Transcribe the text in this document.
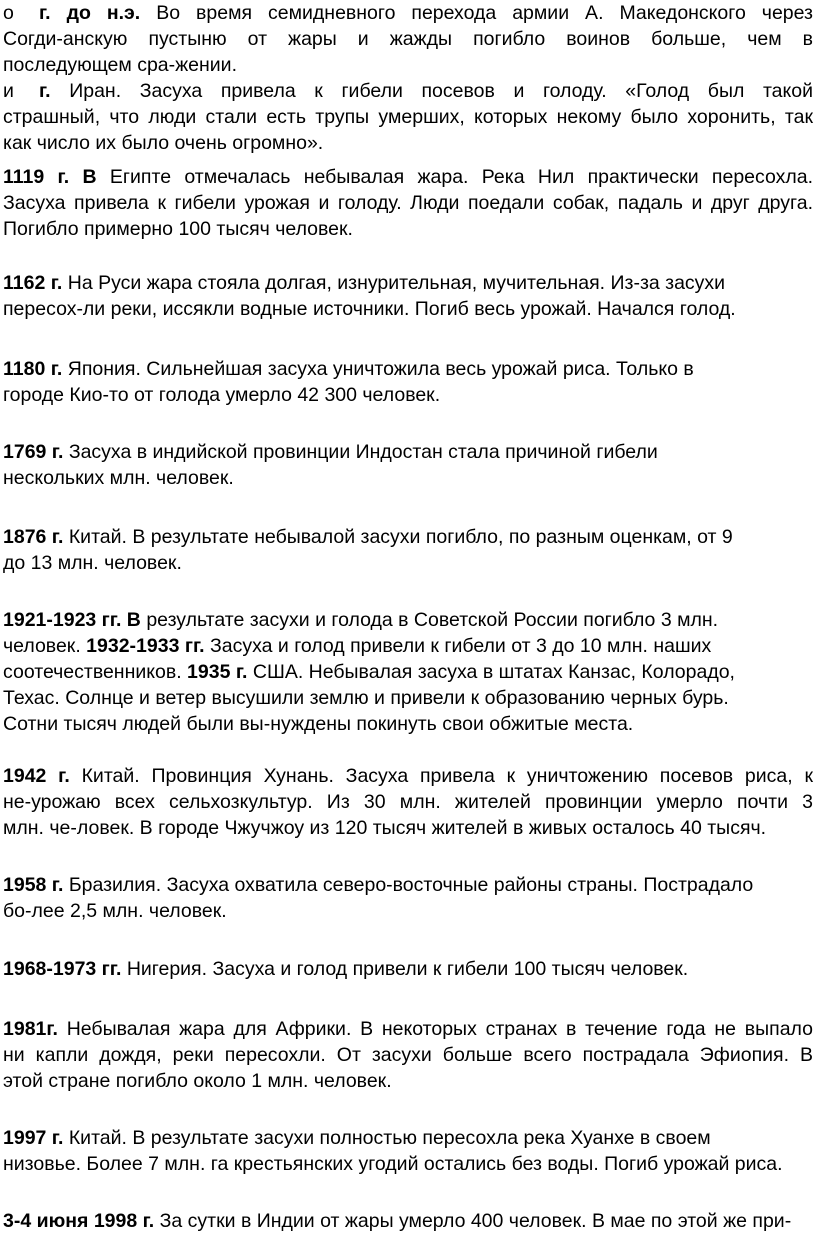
o г. до н.э. Во время семидневного перехода армии А. Македонского через
Согди-анскую пустыню от жары и жажды погибло воинов больше, чем в
последующем сра-жении.
и г. Иран. Засуха привела к гибели посевов и голоду. «Голод был такой
страшный, что люди стали есть трупы умерших, которых некому было хоронить, так
как число их было очень огромно».
1119 г. В Египте отмечалась небывалая жара. Река Нил практически пересохла.
Засуха привела к гибели урожая и голоду. Люди поедали собак, падаль и друг друга.
Погибло примерно 100 тысяч человек.
1162 г. На Руси жара стояла долгая, изнурительная, мучительная. Из-за засухи
пересох-ли реки, иссякли водные источники. Погиб весь урожай. Начался голод.
1180 г. Япония. Сильнейшая засуха уничтожила весь урожай риса. Только в
городе Кио-то от голода умерло 42 300 человек.
1769 г. Засуха в индийской провинции Индостан стала причиной гибели
нескольких млн. человек.
1876 г. Китай. В результате небывалой засухи погибло, по разным оценкам, от 9
до 13 млн. человек.
1921-1923 гг. В результате засухи и голода в Советской России погибло 3 млн.
человек. 1932-1933 гг. Засуха и голод привели к гибели от 3 до 10 млн. наших
соотечественников. 1935 г. США. Небывалая засуха в штатах Канзас, Колорадо,
Техас. Солнце и ветер высушили землю и привели к образованию черных бурь.
Сотни тысяч людей были вы-нуждены покинуть свои обжитые места.
1942 г. Китай. Провинция Хунань. Засуха привела к уничтожению посевов риса, к
не-урожаю всех сельхозкультур. Из 30 млн. жителей провинции умерло почти 3
млн. че-ловек. В городе Чжучжоу из 120 тысяч жителей в живых осталось 40 тысяч.
1958 г. Бразилия. Засуха охватила северо-восточные районы страны. Пострадало
бо-лее 2,5 млн. человек.
1968-1973 гг. Нигерия. Засуха и голод привели к гибели 100 тысяч человек.
1981г. Небывалая жара для Африки. В некоторых странах в течение года не выпало
ни капли дождя, реки пересохли. От засухи больше всего пострадала Эфиопия. В
этой стране погибло около 1 млн. человек.
1997 г. Китай. В результате засухи полностью пересохла река Хуанхе в своем
низовье. Более 7 млн. га крестьянских угодий остались без воды. Погиб урожай риса.
3-4 июня 1998 г. За сутки в Индии от жары умерло 400 человек. В мае по этой же при-
